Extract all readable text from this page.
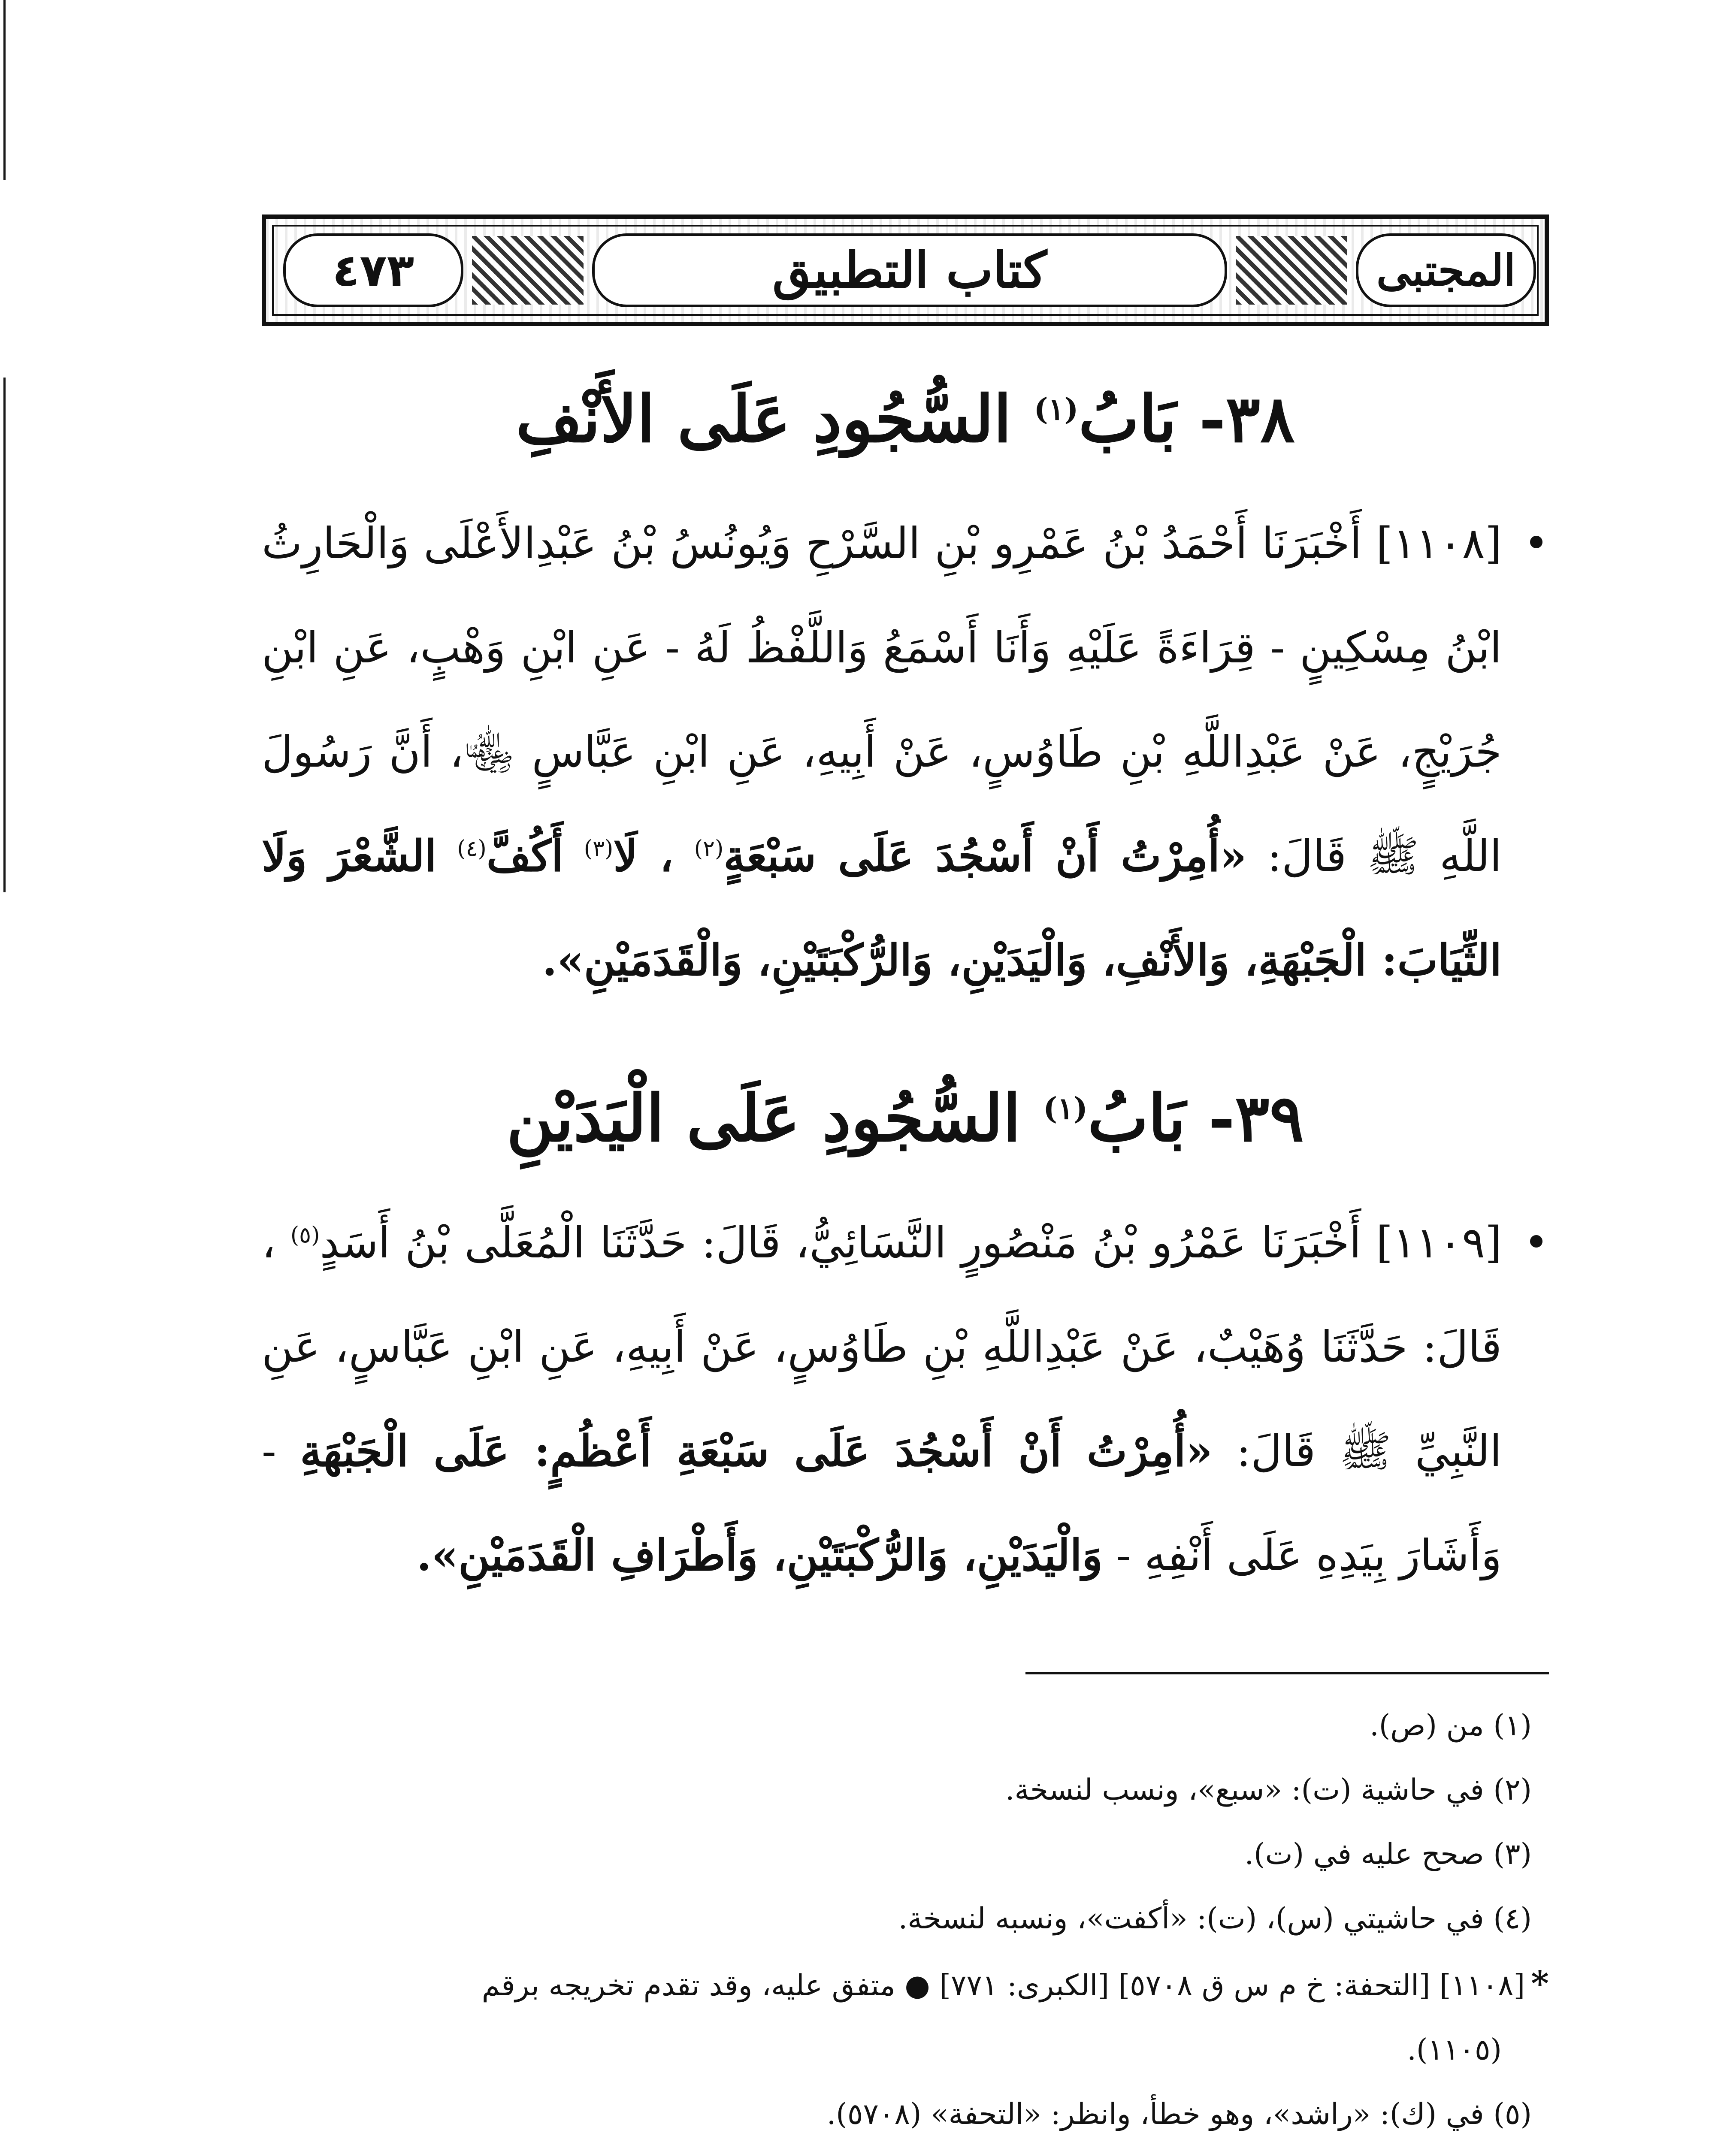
٤٧٣	كتاب التطبيق	المجتبى
٣٨- بَابُ$^{(١)}$ السُّجُودِ عَلَى الأَنْفِ

•
[١١٠٨] أَخْبَرَنَا أَحْمَدُ بْنُ عَمْرِو بْنِ السَّرْحِ وَيُونُسُ بْنُ عَبْدِالأَعْلَى وَالْحَارِثُ ابْنُ مِسْكِينٍ - قِرَاءَةً عَلَيْهِ وَأَنَا أَسْمَعُ وَاللَّفْظُ لَهُ - عَنِ ابْنِ وَهْبٍ، عَنِ ابْنِ جُرَيْجٍ، عَنْ عَبْدِاللَّهِ بْنِ طَاوُسٍ، عَنْ أَبِيهِ، عَنِ ابْنِ عَبَّاسٍ ﵄، أَنَّ رَسُولَ اللَّهِ ﷺ قَالَ: «أُمِرْتُ أَنْ أَسْجُدَ عَلَى سَبْعَةٍ$^{(٢)}$ ، لَا$^{(٣)}$ أَكُفَّ$^{(٤)}$ الشَّعْرَ وَلَا الثِّيَابَ: الْجَبْهَةِ، وَالأَنْفِ، وَالْيَدَيْنِ، وَالرُّكْبَتَيْنِ، وَالْقَدَمَيْنِ».

٣٩- بَابُ$^{(١)}$ السُّجُودِ عَلَى الْيَدَيْنِ

•
[١١٠٩] أَخْبَرَنَا عَمْرُو بْنُ مَنْصُورٍ النَّسَائِيُّ، قَالَ: حَدَّثَنَا الْمُعَلَّى بْنُ أَسَدٍ$^{(٥)}$ ، قَالَ: حَدَّثَنَا وُهَيْبٌ، عَنْ عَبْدِاللَّهِ بْنِ طَاوُسٍ، عَنْ أَبِيهِ، عَنِ ابْنِ عَبَّاسٍ، عَنِ النَّبِيِّ ﷺ قَالَ: «أُمِرْتُ أَنْ أَسْجُدَ عَلَى سَبْعَةِ أَعْظُمٍ: عَلَى الْجَبْهَةِ - وَأَشَارَ بِيَدِهِ عَلَى أَنْفِهِ - وَالْيَدَيْنِ، وَالرُّكْبَتَيْنِ، وَأَطْرَافِ الْقَدَمَيْنِ».

(١) من (ص).

(٢) في حاشية (ت): «سبع»، ونسب لنسخة.

(٣) صحح عليه في (ت).

(٤) في حاشيتي (س)، (ت): «أكفت»، ونسبه لنسخة.

*[١١٠٨] [التحفة: خ م س ق ٥٧٠٨] [الكبرى: ٧٧١] ● متفق عليه، وقد تقدم تخريجه برقم
(١١٠٥).

(٥) في (ك): «راشد»، وهو خطأ، وانظر: «التحفة» (٥٧٠٨).
